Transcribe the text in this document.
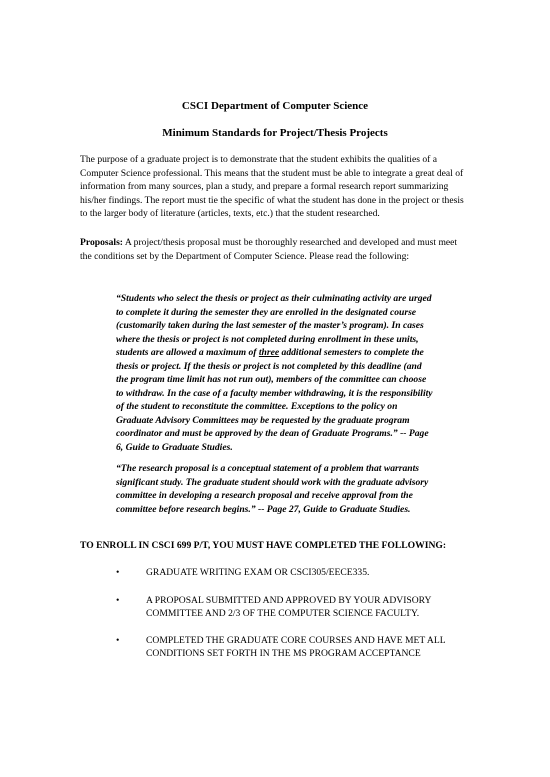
CSCI Department of Computer Science
Minimum Standards for Project/Thesis Projects

The purpose of a graduate project is to demonstrate that the student exhibits the qualities of a Computer Science professional. This means that the student must be able to integrate a great deal of information from many sources, plan a study, and prepare a formal research report summarizing his/her findings. The report must tie the specific of what the student has done in the project or thesis to the larger body of literature (articles, texts, etc.) that the student researched.

Proposals: A project/thesis proposal must be thoroughly researched and developed and must meet the conditions set by the Department of Computer Science. Please read the following:

“Students who select the thesis or project as their culminating activity are urged to complete it during the semester they are enrolled in the designated course (customarily taken during the last semester of the master’s program). In cases where the thesis or project is not completed during enrollment in these units, students are allowed a maximum of three additional semesters to complete the thesis or project. If the thesis or project is not completed by this deadline (and the program time limit has not run out), members of the committee can choose to withdraw. In the case of a faculty member withdrawing, it is the responsibility of the student to reconstitute the committee. Exceptions to the policy on Graduate Advisory Committees may be requested by the graduate program coordinator and must be approved by the dean of Graduate Programs.” -- Page 6, Guide to Graduate Studies.

“The research proposal is a conceptual statement of a problem that warrants significant study. The graduate student should work with the graduate advisory committee in developing a research proposal and receive approval from the committee before research begins.” -- Page 27, Guide to Graduate Studies.

TO ENROLL IN CSCI 699 P/T, YOU MUST HAVE COMPLETED THE FOLLOWING:

•	GRADUATE WRITING EXAM OR CSCI305/EECE335.
•	A PROPOSAL SUBMITTED AND APPROVED BY YOUR ADVISORY COMMITTEE AND 2/3 OF THE COMPUTER SCIENCE FACULTY.
•	COMPLETED THE GRADUATE CORE COURSES AND HAVE MET ALL CONDITIONS SET FORTH IN THE MS PROGRAM ACCEPTANCE
